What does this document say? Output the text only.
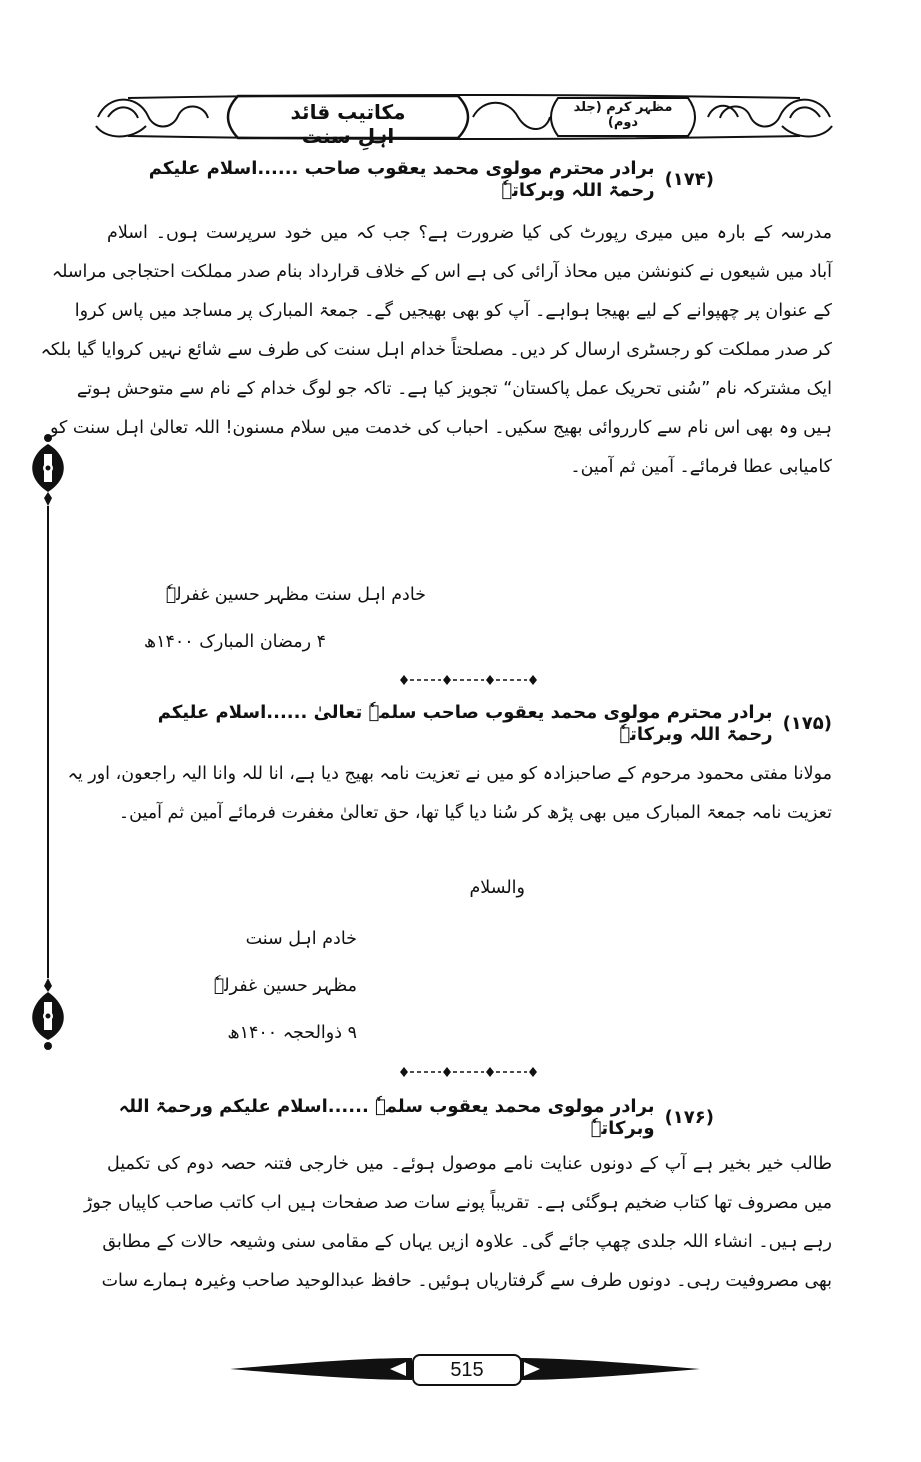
مکاتیب قائد اہلِ سنت
مظہر کرم (جلد دوم)
(۱۷۴)
برادر محترم مولوی محمد یعقوب صاحب ......اسلام علیکم رحمۃ اللہ وبرکاتہٗ
مدرسہ کے بارہ میں میری رپورٹ کی کیا ضرورت ہے؟ جب کہ میں خود سرپرست ہوں۔ اسلام
آباد میں شیعوں نے کنونشن میں محاذ آرائی کی ہے اس کے خلاف قرارداد بنام صدر مملکت احتجاجی مراسلہ
کے عنوان پر چھپوانے کے لیے بھیجا ہواہے۔ آپ کو بھی بھیجیں گے۔ جمعۃ المبارک پر مساجد میں پاس کروا
کر صدر مملکت کو رجسٹری ارسال کر دیں۔ مصلحتاً خدام اہل سنت کی طرف سے شائع نہیں کروایا گیا بلکہ
ایک مشترکہ نام ”سُنی تحریک عمل پاکستان“ تجویز کیا ہے۔ تاکہ جو لوگ خدام کے نام سے متوحش ہوتے
ہیں وہ بھی اس نام سے کارروائی بھیج سکیں۔ احباب کی خدمت میں سلام مسنون! اللہ تعالیٰ اہل سنت کو
کامیابی عطا فرمائے۔ آمین ثم آمین۔
خادم اہل سنت مظہر حسین غفرلہٗ
۴ رمضان المبارک ۱۴۰۰ھ
(۱۷۵)
برادر محترم مولوی محمد یعقوب صاحب سلمہٗ تعالیٰ ......اسلام علیکم رحمۃ اللہ وبرکاتہٗ
مولانا مفتی محمود مرحوم کے صاحبزادہ کو میں نے تعزیت نامہ بھیج دیا ہے، انا للہ وانا الیہ راجعون، اور یہ
تعزیت نامہ جمعۃ المبارک میں بھی پڑھ کر سُنا دیا گیا تھا، حق تعالیٰ مغفرت فرمائے آمین ثم آمین۔
والسلام
خادم اہل سنت
مظہر حسین غفرلہٗ
۹ ذوالحجہ ۱۴۰۰ھ
(۱۷۶)
برادر مولوی محمد یعقوب سلمہٗ ......اسلام علیکم ورحمۃ اللہ وبرکاتہٗ
طالب خیر بخیر ہے آپ کے دونوں عنایت نامے موصول ہوئے۔ میں خارجی فتنہ حصہ دوم کی تکمیل
میں مصروف تھا کتاب ضخیم ہوگئی ہے۔ تقریباً پونے سات صد صفحات ہیں اب کاتب صاحب کاپیاں جوڑ
رہے ہیں۔ انشاء اللہ جلدی چھپ جائے گی۔ علاوہ ازیں یہاں کے مقامی سنی وشیعہ حالات کے مطابق
بھی مصروفیت رہی۔ دونوں طرف سے گرفتاریاں ہوئیں۔ حافظ عبدالوحید صاحب وغیرہ ہمارے سات
515
